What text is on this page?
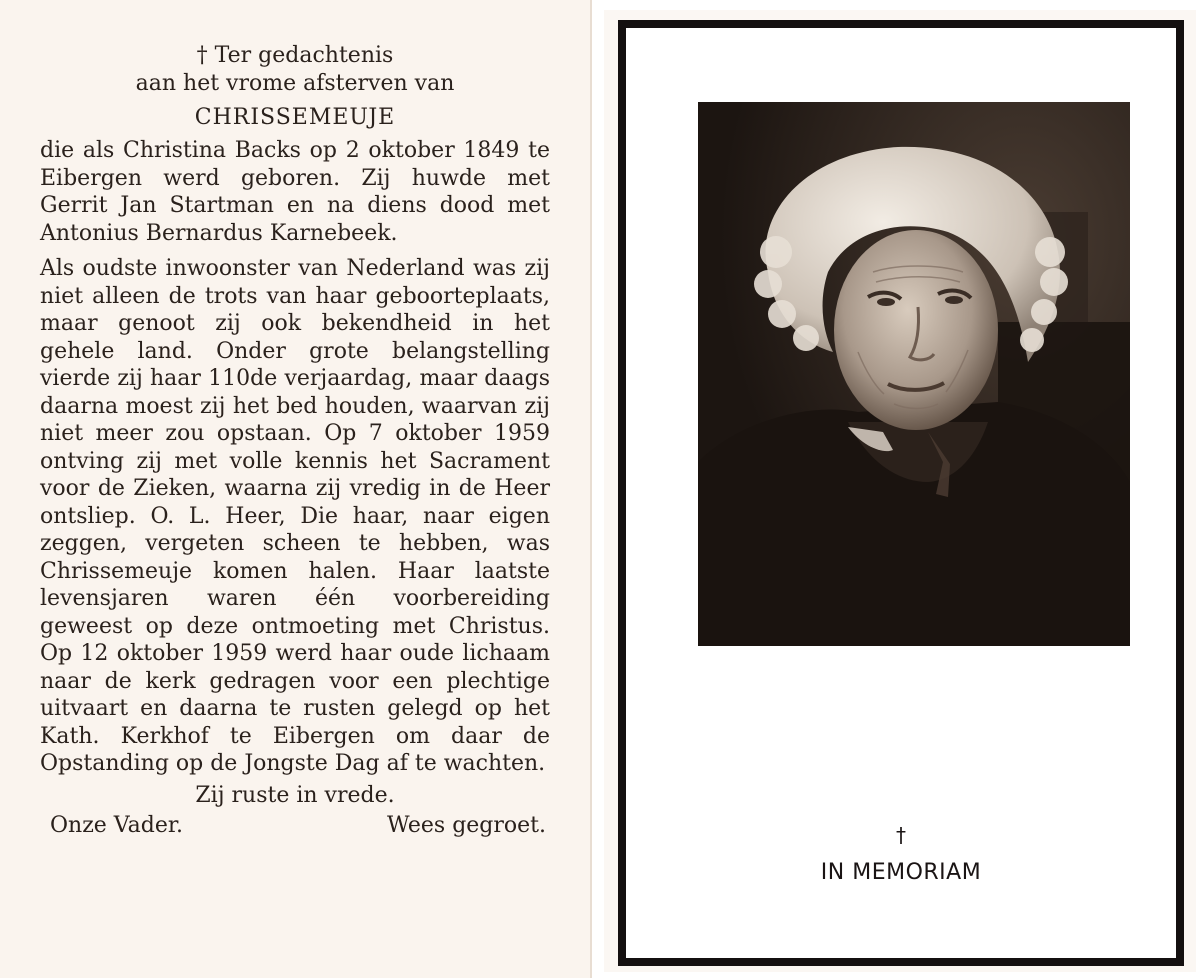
† Ter gedachtenis
aan het vrome afsterven van
CHRISSEMEUJE

die als Christina Backs op 2 oktober 1849 te Eibergen werd geboren. Zij huwde met Gerrit Jan Startman en na diens dood met Antonius Bernardus Karnebeek.

Als oudste inwoonster van Nederland was zij niet alleen de trots van haar geboorteplaats, maar genoot zij ook bekendheid in het gehele land. Onder grote belangstelling vierde zij haar 110de verjaardag, maar daags daarna moest zij het bed houden, waarvan zij niet meer zou opstaan. Op 7 oktober 1959 ontving zij met volle kennis het Sacrament voor de Zieken, waarna zij vredig in de Heer ontsliep. O. L. Heer, Die haar, naar eigen zeggen, vergeten scheen te hebben, was Chrissemeuje komen halen. Haar laatste levensjaren waren één voorbereiding geweest op deze ontmoeting met Christus. Op 12 oktober 1959 werd haar oude lichaam naar de kerk gedragen voor een plechtige uitvaart en daarna te rusten gelegd op het Kath. Kerkhof te Eibergen om daar de Opstanding op de Jongste Dag af te wachten.

Zij ruste in vrede.
Onze Vader.	Wees gegroet.	†
IN MEMORIAM
